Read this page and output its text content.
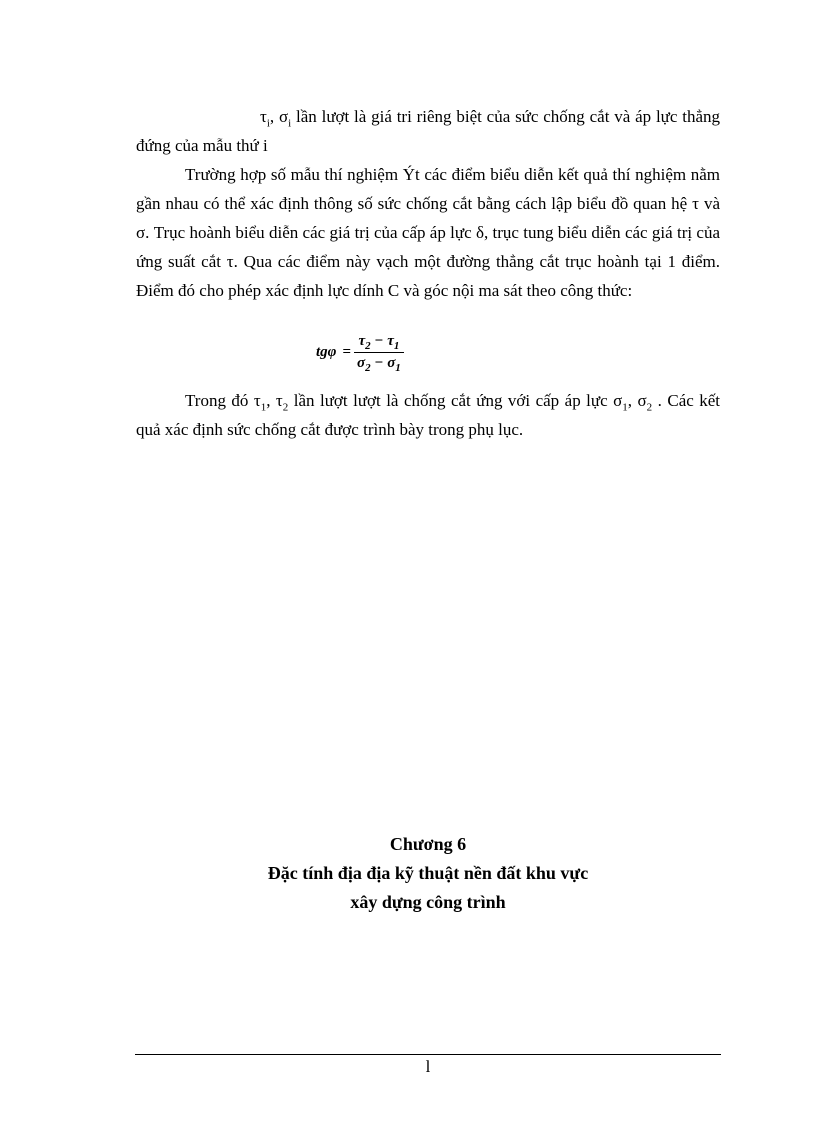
$\tau_i$, $\sigma_i$ lần lượt là giá tri riêng biệt của sức chống cắt và áp lực thẳng đứng của mẫu thứ i

Trường hợp số mẫu thí nghiệm Ýt các điểm biểu diễn kết quả thí nghiệm nằm gần nhau có thể xác định thông số sức chống cắt bằng cách lập biểu đồ quan hệ τ và σ. Trục hoành biểu diễn các giá trị của cấp áp lực δ, trục tung biểu diễn các giá trị của ứng suất cắt τ. Qua các điểm này vạch một đường thẳng cắt trục hoành tại 1 điểm. Điểm đó cho phép xác định lực dính C và góc nội ma sát theo công thức:

$tg\varphi = \frac{\tau_2 - \tau_1}{\sigma_2 - \sigma_1}$

Trong đó $\tau_1$, $\tau_2$ lần lượt lượt là chống cắt ứng với cấp áp lực $\sigma_1$, $\sigma_2$ . Các kết quả xác định sức chống cắt được trình bày trong phụ lục.

Chương 6
Đặc tính địa địa kỹ thuật nền đất khu vực
xây dựng công trình
l
